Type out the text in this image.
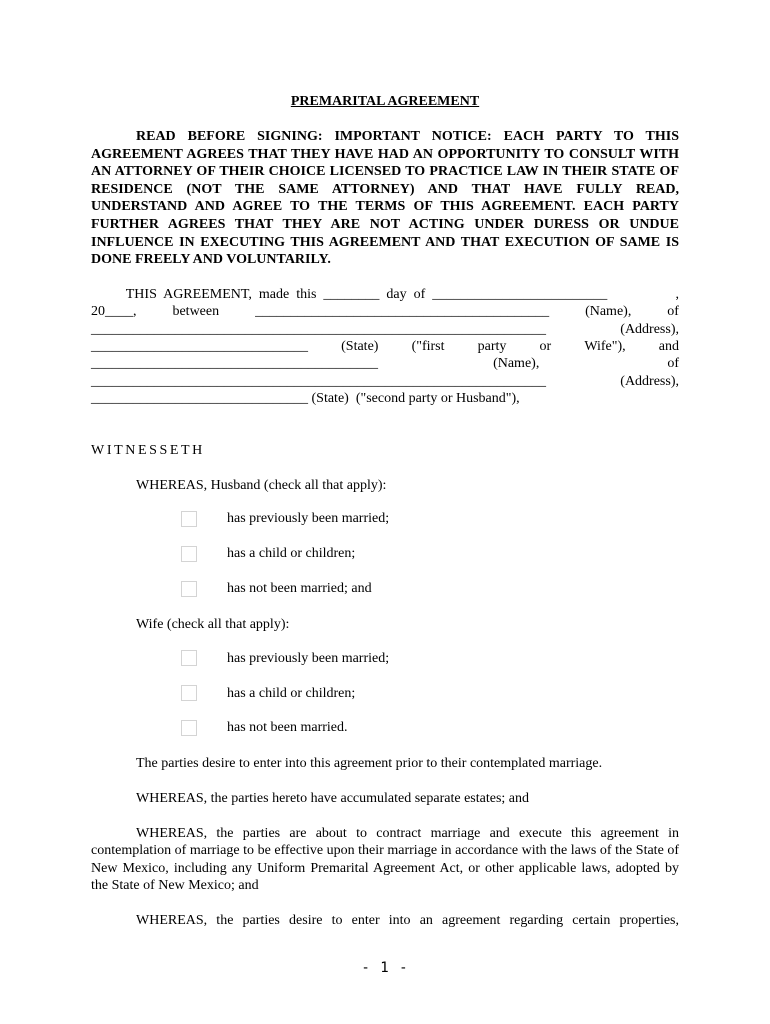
PREMARITAL AGREEMENT
READ BEFORE SIGNING: IMPORTANT NOTICE: EACH PARTY TO THIS AGREEMENT AGREES THAT THEY HAVE HAD AN OPPORTUNITY TO CONSULT WITH AN ATTORNEY OF THEIR CHOICE LICENSED TO PRACTICE LAW IN THEIR STATE OF RESIDENCE (NOT THE SAME ATTORNEY) AND THAT HAVE FULLY READ, UNDERSTAND AND AGREE TO THE TERMS OF THIS AGREEMENT. EACH PARTY FURTHER AGREES THAT THEY ARE NOT ACTING UNDER DURESS OR UNDUE INFLUENCE IN EXECUTING THIS AGREEMENT AND THAT EXECUTION OF SAME IS DONE FREELY AND VOLUNTARILY.
THIS  AGREEMENT,  made  this  ________  day  of  _________________________	,
20____,	between	__________________________________________	(Name),	of
_________________________________________________________________	(Address),
_______________________________ (State) ("first party or Wife"), and
_________________________________________	(Name),	of
_________________________________________________________________	(Address),
_______________________________ (State)  ("second party or Husband"),
WITNESSETH
WHEREAS, Husband (check all that apply):
has previously been married;
has a child or children;
has not been married; and
Wife (check all that apply):
has previously been married;
has a child or children;
has not been married.
The parties desire to enter into this agreement prior to their contemplated marriage.
WHEREAS, the parties hereto have accumulated separate estates; and
WHEREAS, the parties are about to contract marriage and execute this agreement in contemplation of marriage to be effective upon their marriage in accordance with the laws of the State of New Mexico, including any Uniform Premarital Agreement Act, or other applicable laws, adopted by the State of New Mexico; and
WHEREAS, the parties desire to enter into an agreement regarding certain properties,
- 1 -
